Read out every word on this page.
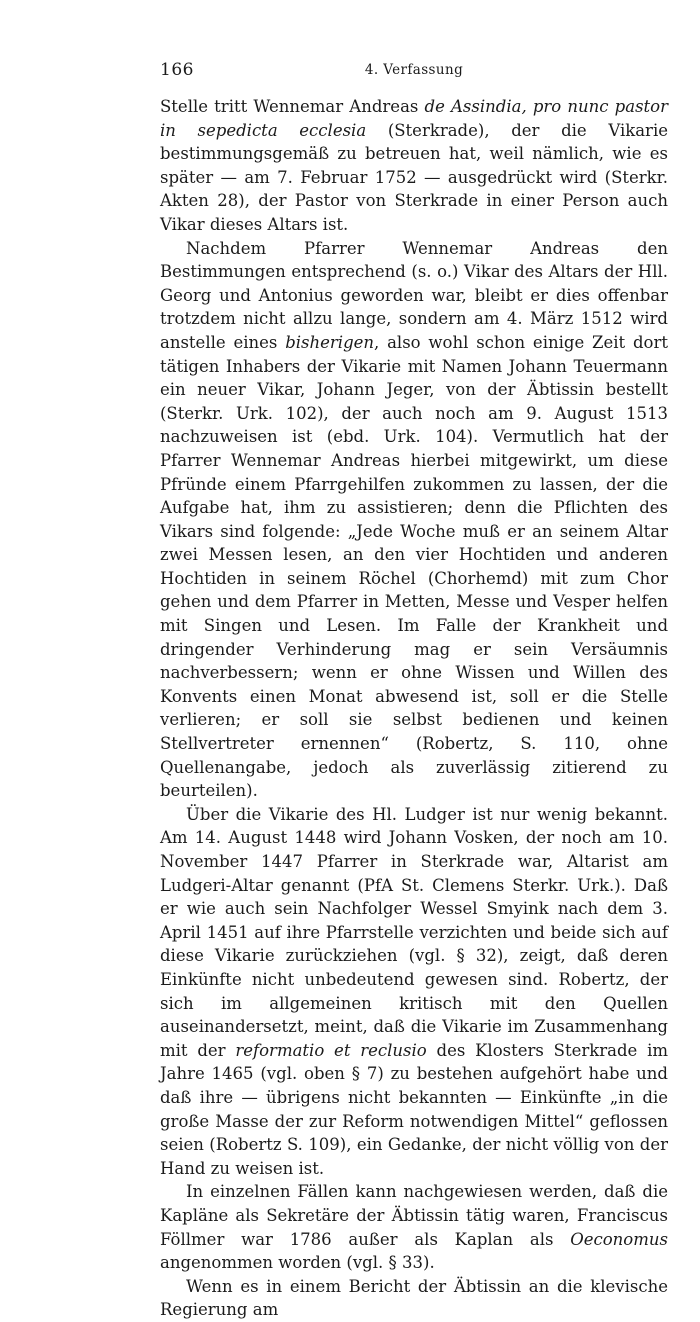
166	4. Verfassung

Stelle tritt Wennemar Andreas de Assindia, pro nunc pastor in sepedicta ecclesia (Sterkrade), der die Vikarie bestimmungsgemäß zu betreuen hat, weil nämlich, wie es später — am 7. Februar 1752 — ausgedrückt wird (Sterkr. Akten 28), der Pastor von Sterkrade in einer Person auch Vikar dieses Altars ist.

Nachdem Pfarrer Wennemar Andreas den Bestimmungen entsprechend (s. o.) Vikar des Altars der Hll. Georg und Antonius geworden war, bleibt er dies offenbar trotzdem nicht allzu lange, sondern am 4. März 1512 wird anstelle eines bisherigen, also wohl schon einige Zeit dort tätigen Inhabers der Vikarie mit Namen Johann Teuermann ein neuer Vikar, Johann Jeger, von der Äbtissin bestellt (Sterkr. Urk. 102), der auch noch am 9. August 1513 nachzuweisen ist (ebd. Urk. 104). Vermutlich hat der Pfarrer Wennemar Andreas hierbei mitgewirkt, um diese Pfründe einem Pfarrgehilfen zukommen zu lassen, der die Aufgabe hat, ihm zu assistieren; denn die Pflichten des Vikars sind folgende: „Jede Woche muß er an seinem Altar zwei Messen lesen, an den vier Hochtiden und anderen Hochtiden in seinem Röchel (Chorhemd) mit zum Chor gehen und dem Pfarrer in Metten, Messe und Vesper helfen mit Singen und Lesen. Im Falle der Krankheit und dringender Verhinderung mag er sein Versäumnis nachverbessern; wenn er ohne Wissen und Willen des Konvents einen Monat abwesend ist, soll er die Stelle verlieren; er soll sie selbst bedienen und keinen Stellvertreter ernennen“ (Robertz, S. 110, ohne Quellenangabe, jedoch als zuverlässig zitierend zu beurteilen).

Über die Vikarie des Hl. Ludger ist nur wenig bekannt. Am 14. August 1448 wird Johann Vosken, der noch am 10. November 1447 Pfarrer in Sterkrade war, Altarist am Ludgeri-Altar genannt (PfA St. Clemens Sterkr. Urk.). Daß er wie auch sein Nachfolger Wessel Smyink nach dem 3. April 1451 auf ihre Pfarrstelle verzichten und beide sich auf diese Vikarie zurückziehen (vgl. § 32), zeigt, daß deren Einkünfte nicht unbedeutend gewesen sind. Robertz, der sich im allgemeinen kritisch mit den Quellen auseinandersetzt, meint, daß die Vikarie im Zusammenhang mit der reformatio et reclusio des Klosters Sterkrade im Jahre 1465 (vgl. oben § 7) zu bestehen aufgehört habe und daß ihre — übrigens nicht bekannten — Einkünfte „in die große Masse der zur Reform notwendigen Mittel“ geflossen seien (Robertz S. 109), ein Gedanke, der nicht völlig von der Hand zu weisen ist.

In einzelnen Fällen kann nachgewiesen werden, daß die Kapläne als Sekretäre der Äbtissin tätig waren, Franciscus Föllmer war 1786 außer als Kaplan als Oeconomus angenommen worden (vgl. § 33).

Wenn es in einem Bericht der Äbtissin an die klevische Regierung am
